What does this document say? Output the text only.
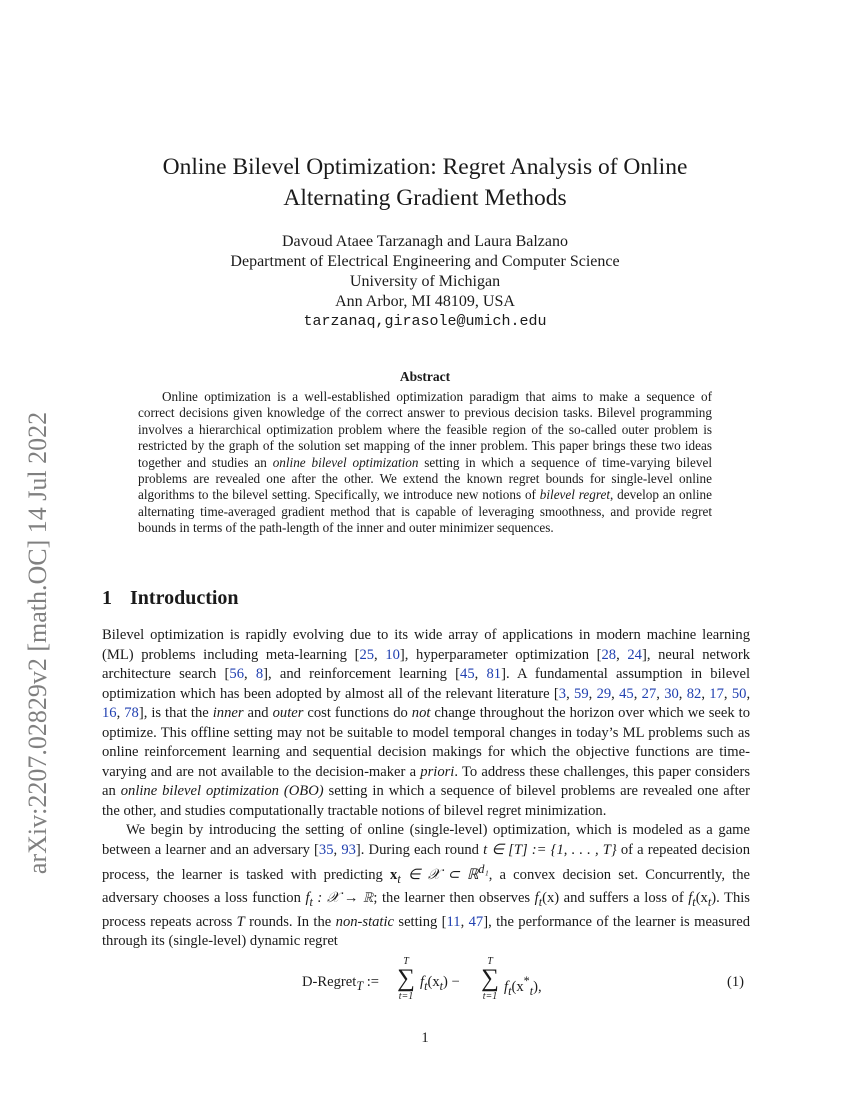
arXiv:2207.02829v2 [math.OC] 14 Jul 2022
Online Bilevel Optimization: Regret Analysis of Online
Alternating Gradient Methods
Davoud Ataee Tarzanagh and Laura Balzano
Department of Electrical Engineering and Computer Science
University of Michigan
Ann Arbor, MI 48109, USA
tarzanaq,girasole@umich.edu
Abstract
Online optimization is a well-established optimization paradigm that aims to make a sequence of correct decisions given knowledge of the correct answer to previous decision tasks. Bilevel programming involves a hierarchical optimization problem where the feasible region of the so-called outer problem is restricted by the graph of the solution set mapping of the inner problem. This paper brings these two ideas together and studies an online bilevel optimization setting in which a sequence of time-varying bilevel problems are revealed one after the other. We extend the known regret bounds for single-level online algorithms to the bilevel setting. Specifically, we introduce new notions of bilevel regret, develop an online alternating time-averaged gradient method that is capable of leveraging smoothness, and provide regret bounds in terms of the path-length of the inner and outer minimizer sequences.
1 Introduction

Bilevel optimization is rapidly evolving due to its wide array of applications in modern machine learning (ML) problems including meta-learning [25, 10], hyperparameter optimization [28, 24], neural network architecture search [56, 8], and reinforcement learning [45, 81]. A fundamental assumption in bilevel optimization which has been adopted by almost all of the relevant literature [3, 59, 29, 45, 27, 30, 82, 17, 50, 16, 78], is that the inner and outer cost functions do not change throughout the horizon over which we seek to optimize. This offline setting may not be suitable to model temporal changes in today’s ML problems such as online reinforcement learning and sequential decision makings for which the objective functions are time-varying and are not available to the decision-maker a priori. To address these challenges, this paper considers an online bilevel optimization (OBO) setting in which a sequence of bilevel problems are revealed one after the other, and studies computationally tractable notions of bilevel regret minimization.

We begin by introducing the setting of online (single-level) optimization, which is modeled as a game between a learner and an adversary [35, 93]. During each round t ∈ [T] := {1, . . . , T} of a repeated decision process, the learner is tasked with predicting $x_t$ ∈ 𝒳 ⊂ ℝ$^{d_1}$, a convex decision set. Concurrently, the adversary chooses a loss function $f_t$ : 𝒳 → ℝ; the learner then observes $f_t(x)$ and suffers a loss of $f_t(x_t)$. This process repeats across T rounds. In the non-static setting [11, 47], the performance of the learner is measured through its (single-level) dynamic regret

D-Regret$_T$ :=
T
∑
t=1
$f_t(x_t)$ −
T
∑
t=1
$f_t(x^*_t)$,	(1)
1
